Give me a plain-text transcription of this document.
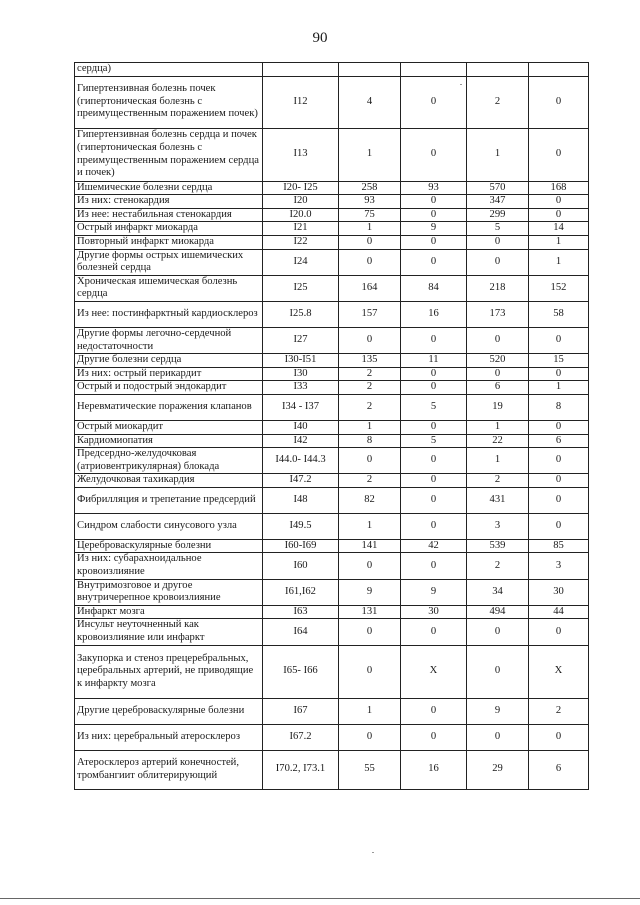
90
сердца)					
Гипертензивная болезнь почек (гипертоническая болезнь с преимущественным поражением почек)	I12	4	0	2	0
Гипертензивная болезнь сердца и почек (гипертоническая болезнь с преимущественным поражением сердца и почек)	I13	1	0	1	0
Ишемические болезни сердца	I20- I25	258	93	570	168
Из них: стенокардия	I20	93	0	347	0
Из нее: нестабильная стенокардия	I20.0	75	0	299	0
Острый инфаркт миокарда	I21	1	9	5	14
Повторный инфаркт миокарда	I22	0	0	0	1
Другие формы острых ишемических болезней сердца	I24	0	0	0	1
Хроническая ишемическая болезнь сердца	I25	164	84	218	152
Из нее: постинфарктный кардиосклероз	I25.8	157	16	173	58
Другие формы легочно-сердечной недостаточности	I27	0	0	0	0
Другие болезни сердца	I30-I51	135	11	520	15
Из них: острый перикардит	I30	2	0	0	0
Острый и подострый эндокардит	I33	2	0	6	1
Неревматические поражения клапанов	I34 - I37	2	5	19	8
Острый миокардит	I40	1	0	1	0
Кардиомиопатия	I42	8	5	22	6
Предсердно-желудочковая (атриовентрикулярная) блокада	I44.0- I44.3	0	0	1	0
Желудочковая тахикардия	I47.2	2	0	2	0
Фибрилляция и трепетание предсердий	I48	82	0	431	0
Синдром слабости синусового узла	I49.5	1	0	3	0
Цереброваскулярные болезни	I60-I69	141	42	539	85
Из них: субарахноидальное кровоизлияние	I60	0	0	2	3
Внутримозговое и другое внутричерепное кровоизлияние	I61,I62	9	9	34	30
Инфаркт мозга	I63	131	30	494	44
Инсульт неуточненный как кровоизлияние или инфаркт	I64	0	0	0	0
Закупорка и стеноз прецеребральных, церебральных артерий, не приводящие к инфаркту мозга	I65- I66	0	X	0	X
Другие цереброваскулярные болезни	I67	1	0	9	2
Из них: церебральный атеросклероз	I67.2	0	0	0	0
Атеросклероз артерий конечностей, тромбангиит облитерирующий	I70.2, I73.1	55	16	29	6
